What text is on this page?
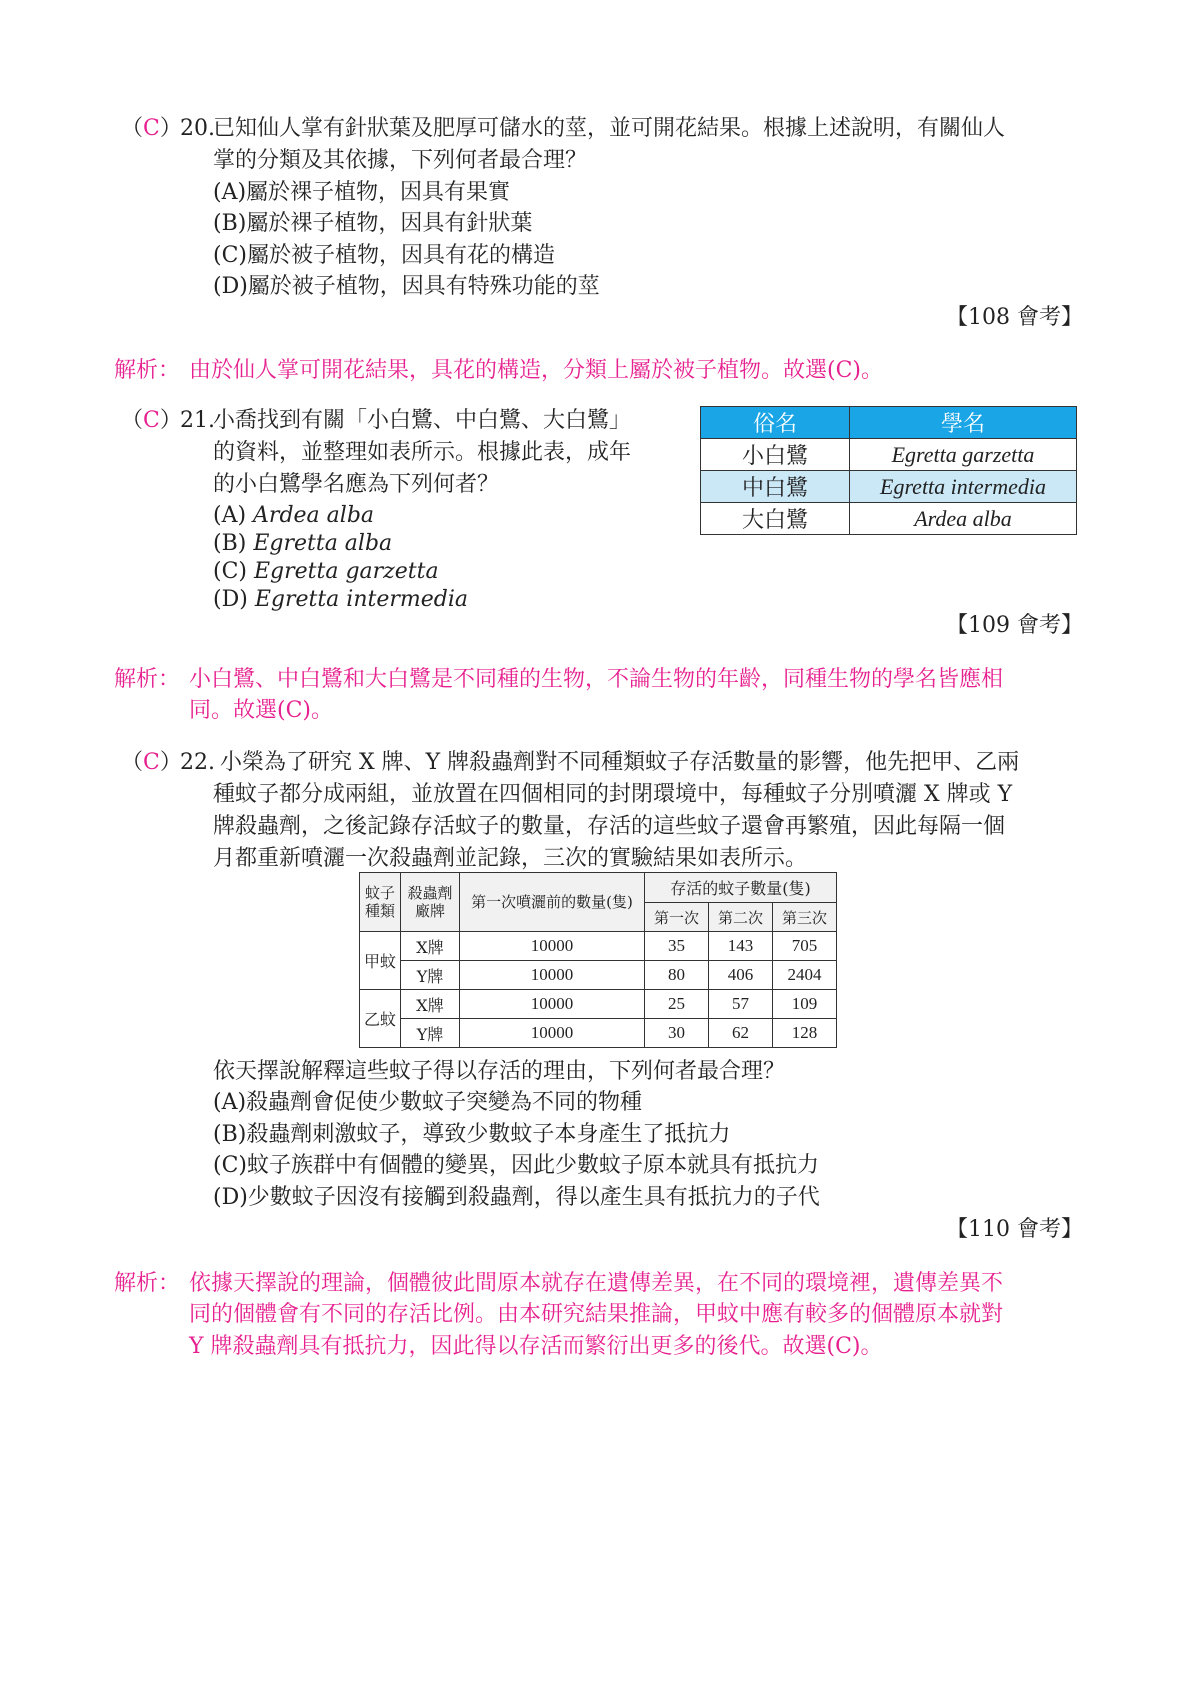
（C）
20.
已知仙人掌有針狀葉及肥厚可儲水的莖，並可開花結果。根據上述說明，有關仙人
掌的分類及其依據，下列何者最合理？
(A)屬於裸子植物，因具有果實
(B)屬於裸子植物，因具有針狀葉
(C)屬於被子植物，因具有花的構造
(D)屬於被子植物，因具有特殊功能的莖
【108 會考】
解析： 由於仙人掌可開花結果，具花的構造，分類上屬於被子植物。故選(C)。
（C）
21.
小喬找到有關「小白鷺、中白鷺、大白鷺」
的資料，並整理如表所示。根據此表，成年
的小白鷺學名應為下列何者？
(A) Ardea alba
(B) Egretta alba
(C) Egretta garzetta
(D) Egretta intermedia
俗名	學名
小白鷺	Egretta garzetta
中白鷺	Egretta intermedia
大白鷺	Ardea alba
【109 會考】
解析： 小白鷺、中白鷺和大白鷺是不同種的生物，不論生物的年齡，同種生物的學名皆應相
同。故選(C)。
（C）
22. 小榮為了研究 X 牌、Y 牌殺蟲劑對不同種類蚊子存活數量的影響，他先把甲、乙兩
種蚊子都分成兩組，並放置在四個相同的封閉環境中，每種蚊子分別噴灑 X 牌或 Y
牌殺蟲劑，之後記錄存活蚊子的數量，存活的這些蚊子還會再繁殖，因此每隔一個
月都重新噴灑一次殺蟲劑並記錄，三次的實驗結果如表所示。
蚊子種類	殺蟲劑廠牌	第一次噴灑前的數量(隻)	存活的蚊子數量(隻)		
			第一次	第二次	第三次
甲蚊	X牌	10000	35	143	705
	Y牌	10000	80	406	2404
乙蚊	X牌	10000	25	57	109
	Y牌	10000	30	62	128
依天擇說解釋這些蚊子得以存活的理由，下列何者最合理？
(A)殺蟲劑會促使少數蚊子突變為不同的物種
(B)殺蟲劑刺激蚊子，導致少數蚊子本身產生了抵抗力
(C)蚊子族群中有個體的變異，因此少數蚊子原本就具有抵抗力
(D)少數蚊子因沒有接觸到殺蟲劑，得以產生具有抵抗力的子代
【110 會考】
解析： 依據天擇說的理論，個體彼此間原本就存在遺傳差異，在不同的環境裡，遺傳差異不
同的個體會有不同的存活比例。由本研究結果推論，甲蚊中應有較多的個體原本就對
Y 牌殺蟲劑具有抵抗力，因此得以存活而繁衍出更多的後代。故選(C)。
